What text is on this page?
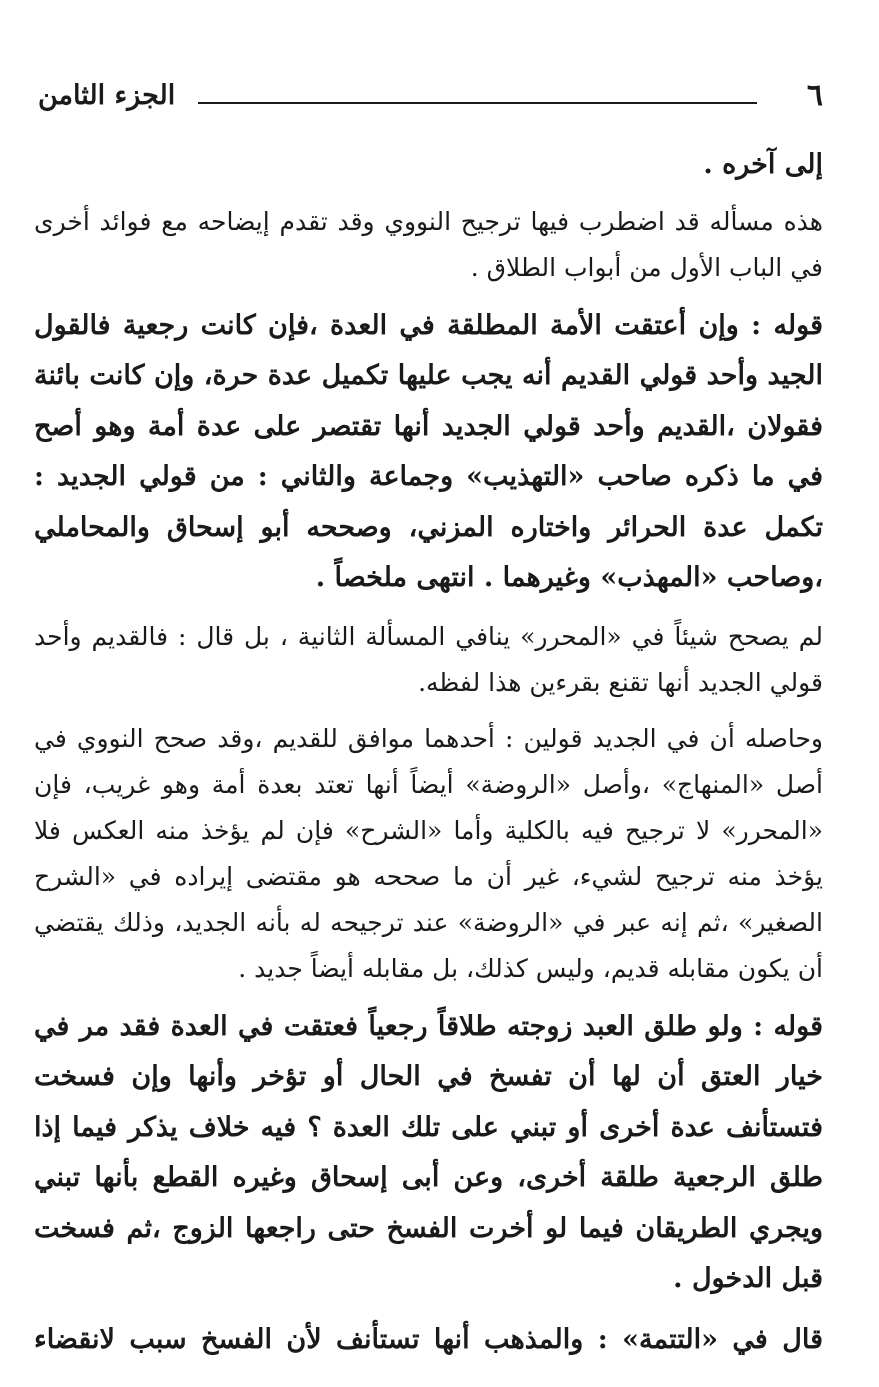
٦
الجزء الثامن

إلى آخره .

هذه مسأله قد اضطرب فيها ترجيح النووي وقد تقدم إيضاحه مع فوائد أخرى في الباب الأول من أبواب الطلاق .

قوله : وإن أعتقت الأمة المطلقة في العدة ،فإن كانت رجعية فالقول الجيد وأحد قولي القديم أنه يجب عليها تكميل عدة حرة، وإن كانت بائنة فقولان ،القديم وأحد قولي الجديد أنها تقتصر على عدة أمة وهو أصح في ما ذكره صاحب «التهذيب» وجماعة والثاني : من قولي الجديد : تكمل عدة الحرائر واختاره المزني، وصححه أبو إسحاق والمحاملي ،وصاحب «المهذب» وغيرهما . انتهى ملخصاً .

لم يصحح شيئاً في «المحرر» ينافي المسألة الثانية ، بل قال : فالقديم وأحد قولي الجديد أنها تقنع بقرءين هذا لفظه.

وحاصله أن في الجديد قولين : أحدهما موافق للقديم ،وقد صحح النووي في أصل «المنهاج» ،وأصل «الروضة» أيضاً أنها تعتد بعدة أمة وهو غريب، فإن «المحرر» لا ترجيح فيه بالكلية وأما «الشرح» فإن لم يؤخذ منه العكس فلا يؤخذ منه ترجيح لشيء، غير أن ما صححه هو مقتضى إيراده في «الشرح الصغير» ،ثم إنه عبر في «الروضة» عند ترجيحه له بأنه الجديد، وذلك يقتضي أن يكون مقابله قديم، وليس كذلك، بل مقابله أيضاً جديد .

قوله : ولو طلق العبد زوجته طلاقاً رجعياً فعتقت في العدة فقد مر في خيار العتق أن لها أن تفسخ في الحال أو تؤخر وأنها وإن فسخت فتستأنف عدة أخرى أو تبني على تلك العدة ؟ فيه خلاف يذكر فيما إذا طلق الرجعية طلقة أخرى، وعن أبى إسحاق وغيره القطع بأنها تبني ويجري الطريقان فيما لو أخرت الفسخ حتى راجعها الزوج ،ثم فسخت قبل الدخول .

قال في «التتمة» : والمذهب أنها تستأنف لأن الفسخ سبب لانقضاء
